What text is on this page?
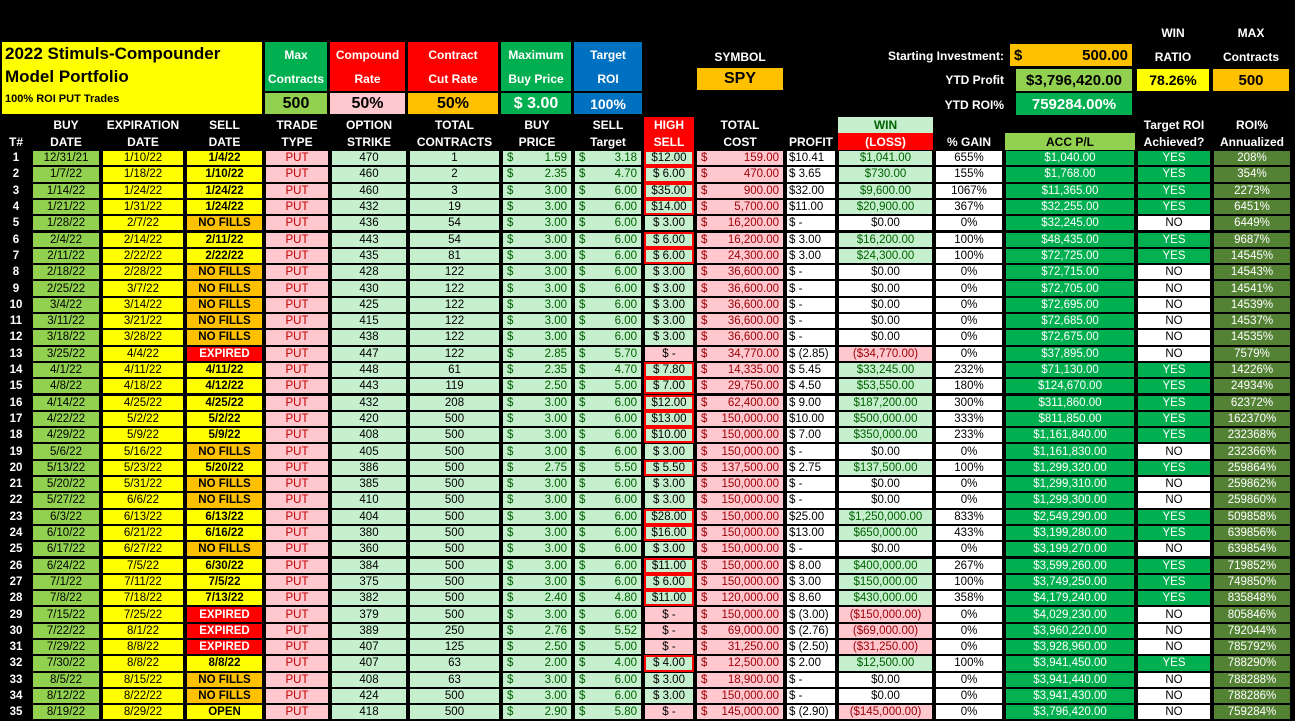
2022 Stimuls-Compounder
Model Portfolio
100% ROI PUT Trades
Max
Contracts
500
Compound
Rate
50%
Contract
Cut Rate
50%
Maximum
Buy Price
$ 3.00
Target
ROI
100%
SYMBOL
SPY
Starting Investment: $	500.00
YTD Profit	$3,796,420.00
YTD ROI%	759284.00%
WIN
RATIO
78.26%
MAX
Contracts
500
T#
BUY
DATE
EXPIRATION
DATE
SELL
DATE
TRADE
TYPE
OPTION
STRIKE
TOTAL
CONTRACTS
BUY
PRICE
SELL
Target
HIGH
SELL
TOTAL
COST	PROFIT
WIN
(LOSS)	% GAIN	ACC P/L
Target ROI
Achieved?
ROI%
Annualized
1	12/31/21	1/10/22	1/4/22	PUT	470	1	$	1.59 $	3.18	$12.00	$	159.00 $10.41	$1,041.00	655%	$1,040.00	YES	208%
2	1/7/22	1/18/22	1/10/22	PUT	460	2	$	2.35 $	4.70	$ 6.00	$	470.00 $ 3.65	$730.00	155%	$1,768.00	YES	354%
3	1/14/22	1/24/22	1/24/22	PUT	460	3	$	3.00 $	6.00	$35.00	$	900.00 $32.00	$9,600.00	1067%	$11,365.00	YES	2273%
4	1/21/22	1/31/22	1/24/22	PUT	432	19	$	3.00 $	6.00	$14.00	$ 5,700.00 $11.00	$20,900.00	367%	$32,255.00	YES	6451%
5	1/28/22	2/7/22	NO FILLS	PUT	436	54	$	3.00 $	6.00	$ 3.00	$ 16,200.00 $ -	$0.00	0%	$32,245.00	NO	6449%
6	2/4/22	2/14/22	2/11/22	PUT	443	54	$	3.00 $	6.00	$ 6.00	$ 16,200.00 $ 3.00	$16,200.00	100%	$48,435.00	YES	9687%
7	2/11/22	2/22/22	2/22/22	PUT	435	81	$	3.00 $	6.00	$ 6.00	$ 24,300.00 $ 3.00	$24,300.00	100%	$72,725.00	YES	14545%
8	2/18/22	2/28/22	NO FILLS	PUT	428	122	$	3.00 $	6.00	$ 3.00	$ 36,600.00 $ -	$0.00	0%	$72,715.00	NO	14543%
9	2/25/22	3/7/22	NO FILLS	PUT	430	122	$	3.00 $	6.00	$ 3.00	$ 36,600.00 $ -	$0.00	0%	$72,705.00	NO	14541%
10	3/4/22	3/14/22	NO FILLS	PUT	425	122	$	3.00 $	6.00	$ 3.00	$ 36,600.00 $ -	$0.00	0%	$72,695.00	NO	14539%
11	3/11/22	3/21/22	NO FILLS	PUT	415	122	$	3.00 $	6.00	$ 3.00	$ 36,600.00 $ -	$0.00	0%	$72,685.00	NO	14537%
12	3/18/22	3/28/22	NO FILLS	PUT	438	122	$	3.00 $	6.00	$ 3.00	$ 36,600.00 $ -	$0.00	0%	$72,675.00	NO	14535%
13	3/25/22	4/4/22	EXPIRED	PUT	447	122	$	2.85 $	5.70	$ -	$ 34,770.00 $ (2.85)	($34,770.00)	0%	$37,895.00	NO	7579%
14	4/1/22	4/11/22	4/11/22	PUT	448	61	$	2.35 $	4.70	$ 7.80	$ 14,335.00 $ 5.45	$33,245.00	232%	$71,130.00	YES	14226%
15	4/8/22	4/18/22	4/12/22	PUT	443	119	$	2.50 $	5.00	$ 7.00	$ 29,750.00 $ 4.50	$53,550.00	180%	$124,670.00	YES	24934%
16	4/14/22	4/25/22	4/25/22	PUT	432	208	$	3.00 $	6.00	$12.00	$ 62,400.00 $ 9.00	$187,200.00	300%	$311,860.00	YES	62372%
17	4/22/22	5/2/22	5/2/22	PUT	420	500	$	3.00 $	6.00	$13.00	$ 150,000.00 $10.00	$500,000.00	333%	$811,850.00	YES	162370%
18	4/29/22	5/9/22	5/9/22	PUT	408	500	$	3.00 $	6.00	$10.00	$ 150,000.00 $ 7.00	$350,000.00	233%	$1,161,840.00	YES	232368%
19	5/6/22	5/16/22	NO FILLS	PUT	405	500	$	3.00 $	6.00	$ 3.00	$ 150,000.00 $ -	$0.00	0%	$1,161,830.00	NO	232366%
20	5/13/22	5/23/22	5/20/22	PUT	386	500	$	2.75 $	5.50	$ 5.50	$ 137,500.00 $ 2.75	$137,500.00	100%	$1,299,320.00	YES	259864%
21	5/20/22	5/31/22	NO FILLS	PUT	385	500	$	3.00 $	6.00	$ 3.00	$ 150,000.00 $ -	$0.00	0%	$1,299,310.00	NO	259862%
22	5/27/22	6/6/22	NO FILLS	PUT	410	500	$	3.00 $	6.00	$ 3.00	$ 150,000.00 $ -	$0.00	0%	$1,299,300.00	NO	259860%
23	6/3/22	6/13/22	6/13/22	PUT	404	500	$	3.00 $	6.00	$28.00	$ 150,000.00 $25.00	$1,250,000.00	833%	$2,549,290.00	YES	509858%
24	6/10/22	6/21/22	6/16/22	PUT	380	500	$	3.00 $	6.00	$16.00	$ 150,000.00 $13.00	$650,000.00	433%	$3,199,280.00	YES	639856%
25	6/17/22	6/27/22	NO FILLS	PUT	360	500	$	3.00 $	6.00	$ 3.00	$ 150,000.00 $ -	$0.00	0%	$3,199,270.00	NO	639854%
26	6/24/22	7/5/22	6/30/22	PUT	384	500	$	3.00 $	6.00	$11.00	$ 150,000.00 $ 8.00	$400,000.00	267%	$3,599,260.00	YES	719852%
27	7/1/22	7/11/22	7/5/22	PUT	375	500	$	3.00 $	6.00	$ 6.00	$ 150,000.00 $ 3.00	$150,000.00	100%	$3,749,250.00	YES	749850%
28	7/8/22	7/18/22	7/13/22	PUT	382	500	$	2.40 $	4.80	$11.00	$ 120,000.00 $ 8.60	$430,000.00	358%	$4,179,240.00	YES	835848%
29	7/15/22	7/25/22	EXPIRED	PUT	379	500	$	3.00 $	6.00	$ -	$ 150,000.00 $ (3.00)	($150,000.00)	0%	$4,029,230.00	NO	805846%
30	7/22/22	8/1/22	EXPIRED	PUT	389	250	$	2.76 $	5.52	$ -	$ 69,000.00 $ (2.76)	($69,000.00)	0%	$3,960,220.00	NO	792044%
31	7/29/22	8/8/22	EXPIRED	PUT	407	125	$	2.50 $	5.00	$ -	$ 31,250.00 $ (2.50)	($31,250.00)	0%	$3,928,960.00	NO	785792%
32	7/30/22	8/8/22	8/8/22	PUT	407	63	$	2.00 $	4.00	$ 4.00	$ 12,500.00 $ 2.00	$12,500.00	100%	$3,941,450.00	YES	788290%
33	8/5/22	8/15/22	NO FILLS	PUT	408	63	$	3.00 $	6.00	$ 3.00	$ 18,900.00 $ -	$0.00	0%	$3,941,440.00	NO	788288%
34	8/12/22	8/22/22	NO FILLS	PUT	424	500	$	3.00 $	6.00	$ 3.00	$ 150,000.00 $ -	$0.00	0%	$3,941,430.00	NO	788286%
35	8/19/22	8/29/22	OPEN	PUT	418	500	$	2.90 $	5.80	$ -	$ 145,000.00 $ (2.90)	($145,000.00)	0%	$3,796,420.00	NO	759284%
